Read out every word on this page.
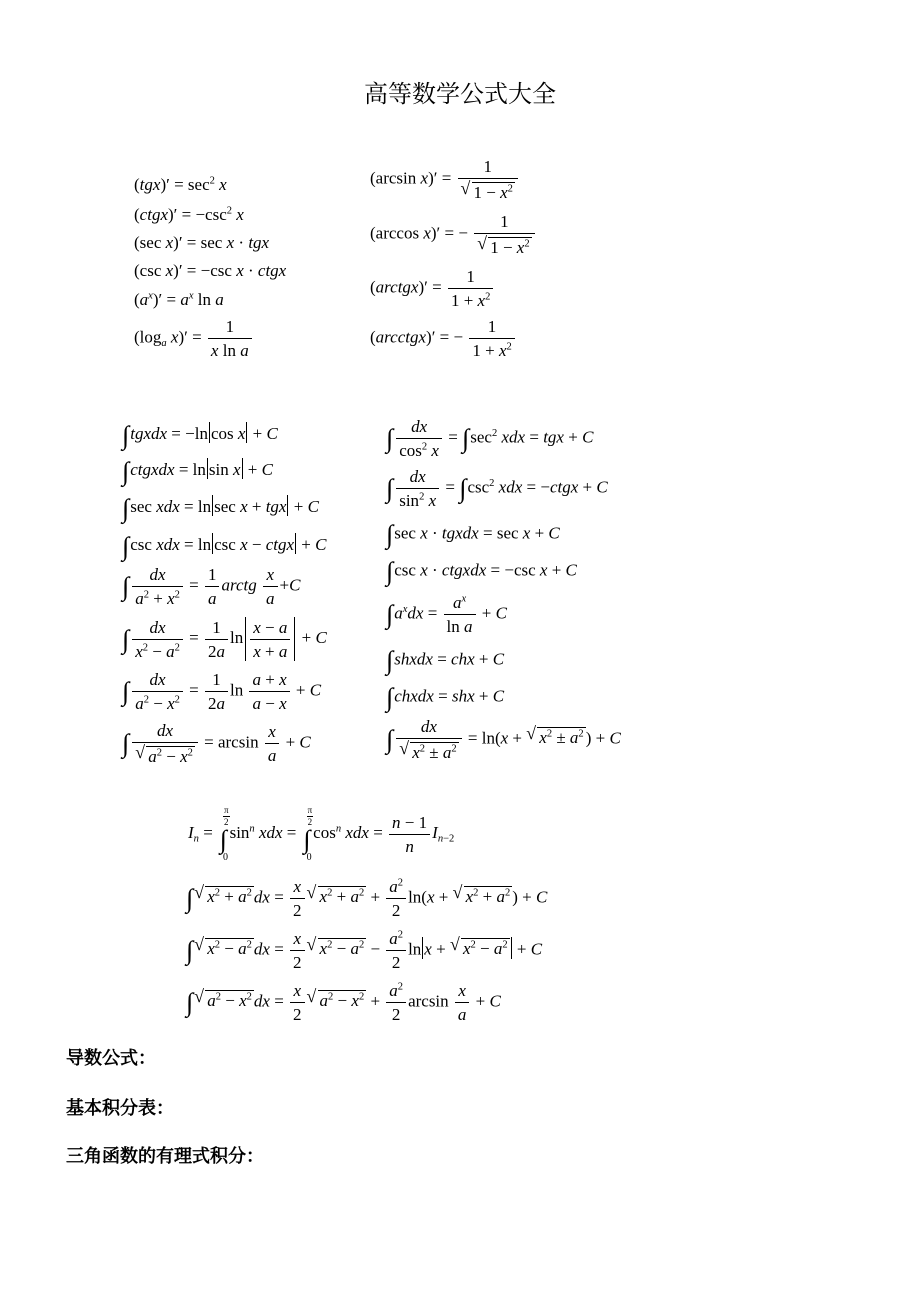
高等数学公式大全
$(tgx)' = \sec^2 x$
(ctgx)′ = $-\csc^2$ x
(sec x)′ = sec x · tgx
(csc x)′ = −csc x · ctgx
$(a^x)' = a^x$ ln a
($\log_a$ $x)' = \frac{1}{\text{x ln a}}$
(arcsin x)′ = 1
√ $1 - x^2$
(arccos x)′ = − 1
√ $1 - x^2$
(arctgx)′ = $\frac{1}{1 + x^2}$
(arcctgx)′ = − $\frac{1}{1 + x^2}$
∫tgxdx = −ln cos x + C
∫ctgxdx = ln sin x + C
∫sec xdx = ln sec x + tgx + C
∫csc xdx = ln csc x − ctgx + C
∫ $\frac{dx}{a^2 + x^2} = \frac{1}{a}$ arctg $\frac{x}{a} +C$
∫ $\frac{dx}{x^2 - a^2} = \frac{1}{2a}$ $\ln \frac{x - a}{x + a} + C$
∫ $\frac{dx}{a^2 - x^2} = \frac{1}{2a}$ $\ln \frac{a + x}{a - x} + C$
∫ dx
√ $a^2 - x^2 = \arcsin \frac{x}{a} + C$
∫ $\frac{dx}{\cos^2 x} = \int\sec^2$ xdx = tgx + C
∫ $\frac{dx}{\sin^2 x} = \int\csc^2$ xdx = −ctgx + C
∫sec x · tgxdx = sec x + C
∫csc x · ctgxdx = −csc x + C
$\int a^xdx = \frac{a^x}{\text{ln a}} + C$
∫shxdx = chx + C
∫chxdx = shx + C
∫ dx
√ $x^2 \pm a^2 = \ln(x$ + √ $x^2 \pm a^2$ ) + C
$I_n$ =
$\frac{\pi}{2}$
∫
0
$\sin^n$ xdx =
$\frac{\pi}{2}$
∫
0
$\cos^n$ xdx = $\frac{n - 1}{n} I_{n-2}$
∫ √ $x^2 + a^2$ dx = $\frac{x}{2}$ √ $x^2 + a^2 + \frac{a^2}{2} \ln(x$ + √ $x^2 + a^2$ ) + C
∫ √ $x^2 - a^2$ dx = $\frac{x}{2}$ √ $x^2 - a^2 - \frac{a^2}{2}$ ln x + √ $x^2 - a^2 + C$
∫ √ $a^2 - x^2$ dx = $\frac{x}{2}$ √ $a^2 - x^2 + \frac{a^2}{2}$ $\arcsin \frac{x}{a} + C$
导数公式：
基本积分表：
三角函数的有理式积分：
